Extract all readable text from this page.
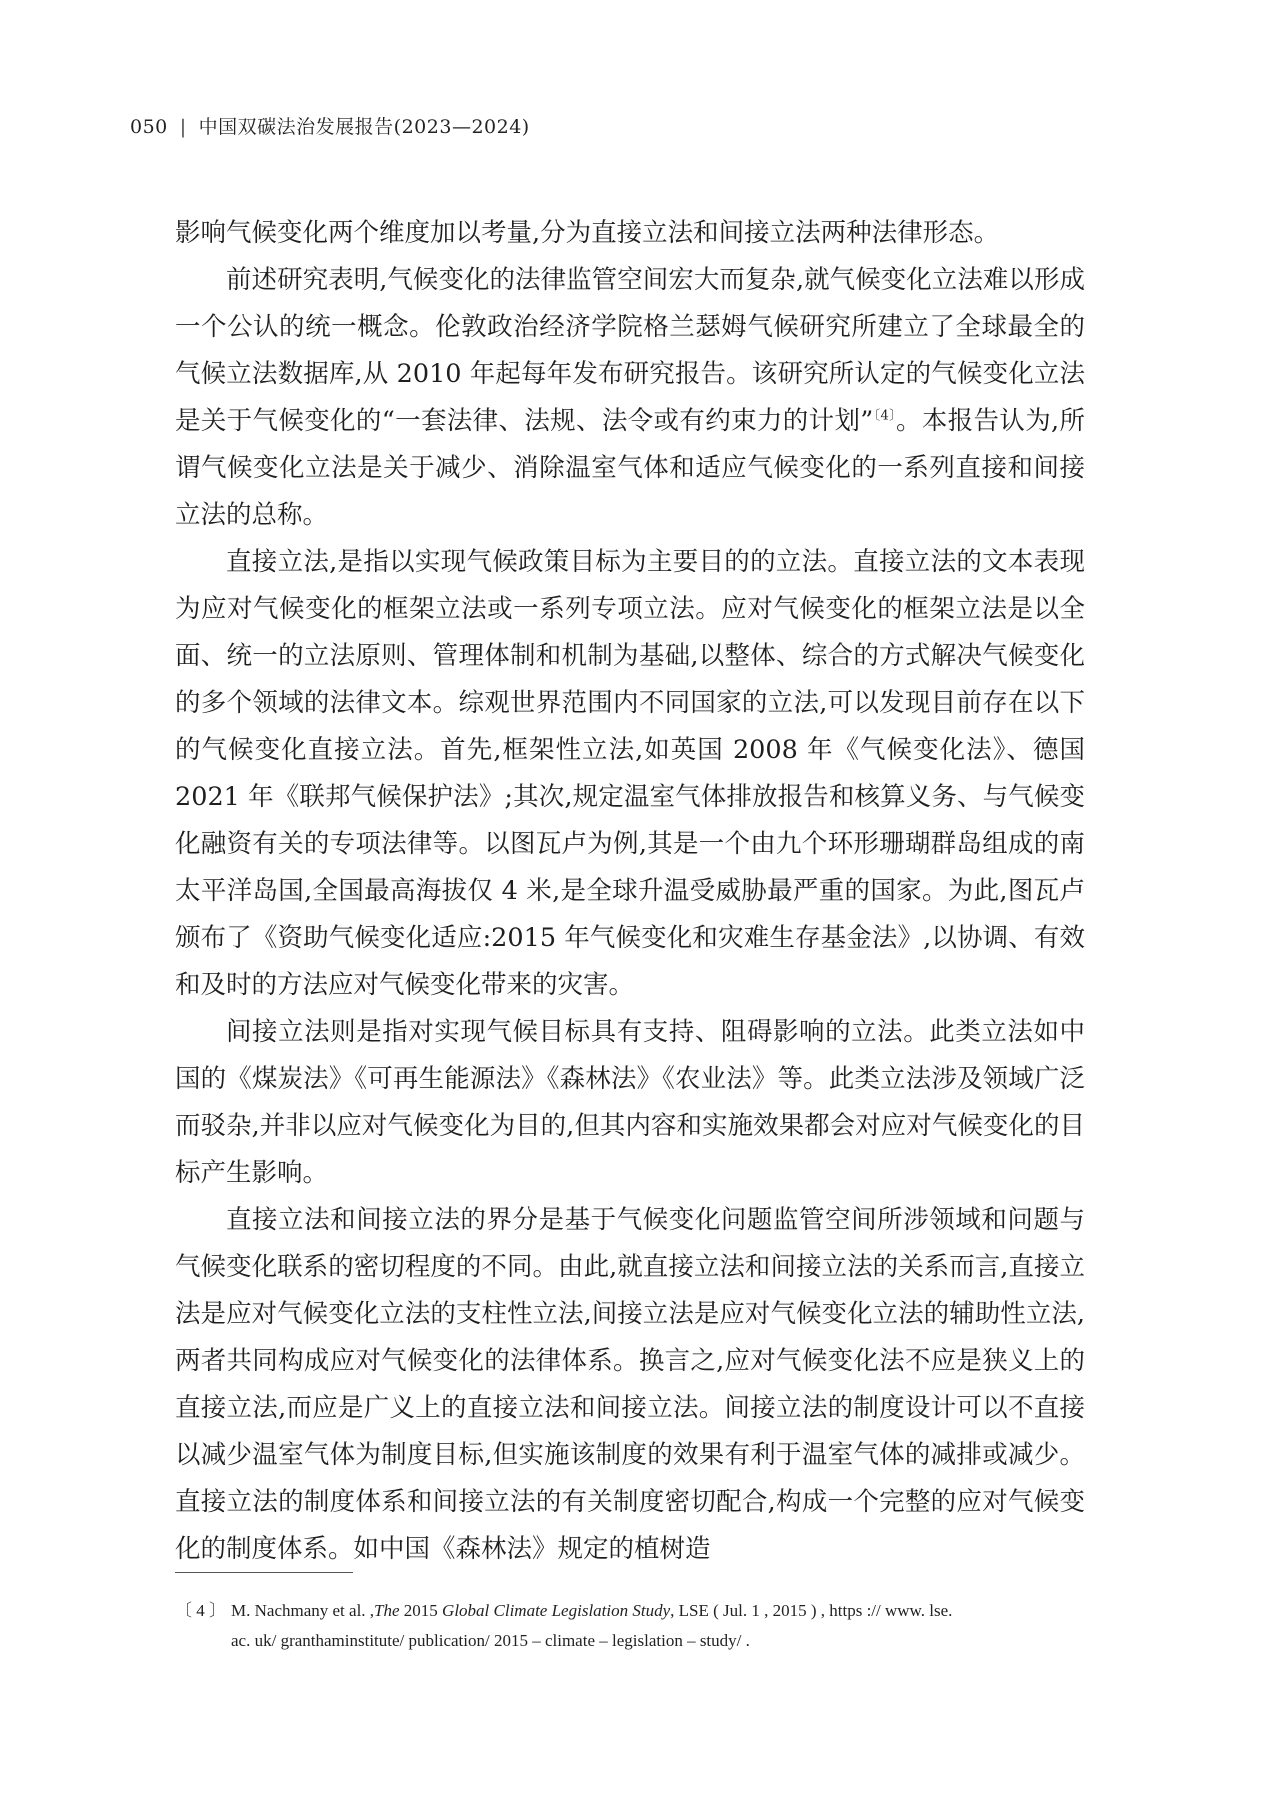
050 | 中国双碳法治发展报告(2023—2024)

影响气候变化两个维度加以考量,分为直接立法和间接立法两种法律形态。

前述研究表明,气候变化的法律监管空间宏大而复杂,就气候变化立法难以形成一个公认的统一概念。伦敦政治经济学院格兰瑟姆气候研究所建立了全球最全的气候立法数据库,从 2010 年起每年发布研究报告。该研究所认定的气候变化立法是关于气候变化的“一套法律、法规、法令或有约束力的计划”$^{〔4〕}$。本报告认为,所谓气候变化立法是关于减少、消除温室气体和适应气候变化的一系列直接和间接立法的总称。

直接立法,是指以实现气候政策目标为主要目的的立法。直接立法的文本表现为应对气候变化的框架立法或一系列专项立法。应对气候变化的框架立法是以全面、统一的立法原则、管理体制和机制为基础,以整体、综合的方式解决气候变化的多个领域的法律文本。综观世界范围内不同国家的立法,可以发现目前存在以下的气候变化直接立法。首先,框架性立法,如英国 2008 年《气候变化法》、德国 2021 年《联邦气候保护法》;其次,规定温室气体排放报告和核算义务、与气候变化融资有关的专项法律等。以图瓦卢为例,其是一个由九个环形珊瑚群岛组成的南太平洋岛国,全国最高海拔仅 4 米,是全球升温受威胁最严重的国家。为此,图瓦卢颁布了《资助气候变化适应:2015 年气候变化和灾难生存基金法》,以协调、有效和及时的方法应对气候变化带来的灾害。

间接立法则是指对实现气候目标具有支持、阻碍影响的立法。此类立法如中国的《煤炭法》《可再生能源法》《森林法》《农业法》等。此类立法涉及领域广泛而驳杂,并非以应对气候变化为目的,但其内容和实施效果都会对应对气候变化的目标产生影响。

直接立法和间接立法的界分是基于气候变化问题监管空间所涉领域和问题与气候变化联系的密切程度的不同。由此,就直接立法和间接立法的关系而言,直接立法是应对气候变化立法的支柱性立法,间接立法是应对气候变化立法的辅助性立法,两者共同构成应对气候变化的法律体系。换言之,应对气候变化法不应是狭义上的直接立法,而应是广义上的直接立法和间接立法。间接立法的制度设计可以不直接以减少温室气体为制度目标,但实施该制度的效果有利于温室气体的减排或减少。直接立法的制度体系和间接立法的有关制度密切配合,构成一个完整的应对气候变化的制度体系。如中国《森林法》规定的植树造

〔 4 〕 M. Nachmany et al. ,The 2015 Global Climate Legislation Study, LSE ( Jul. 1 , 2015 ) , https :// www. lse.
ac. uk/ granthaminstitute/ publication/ 2015 – climate – legislation – study/ .
